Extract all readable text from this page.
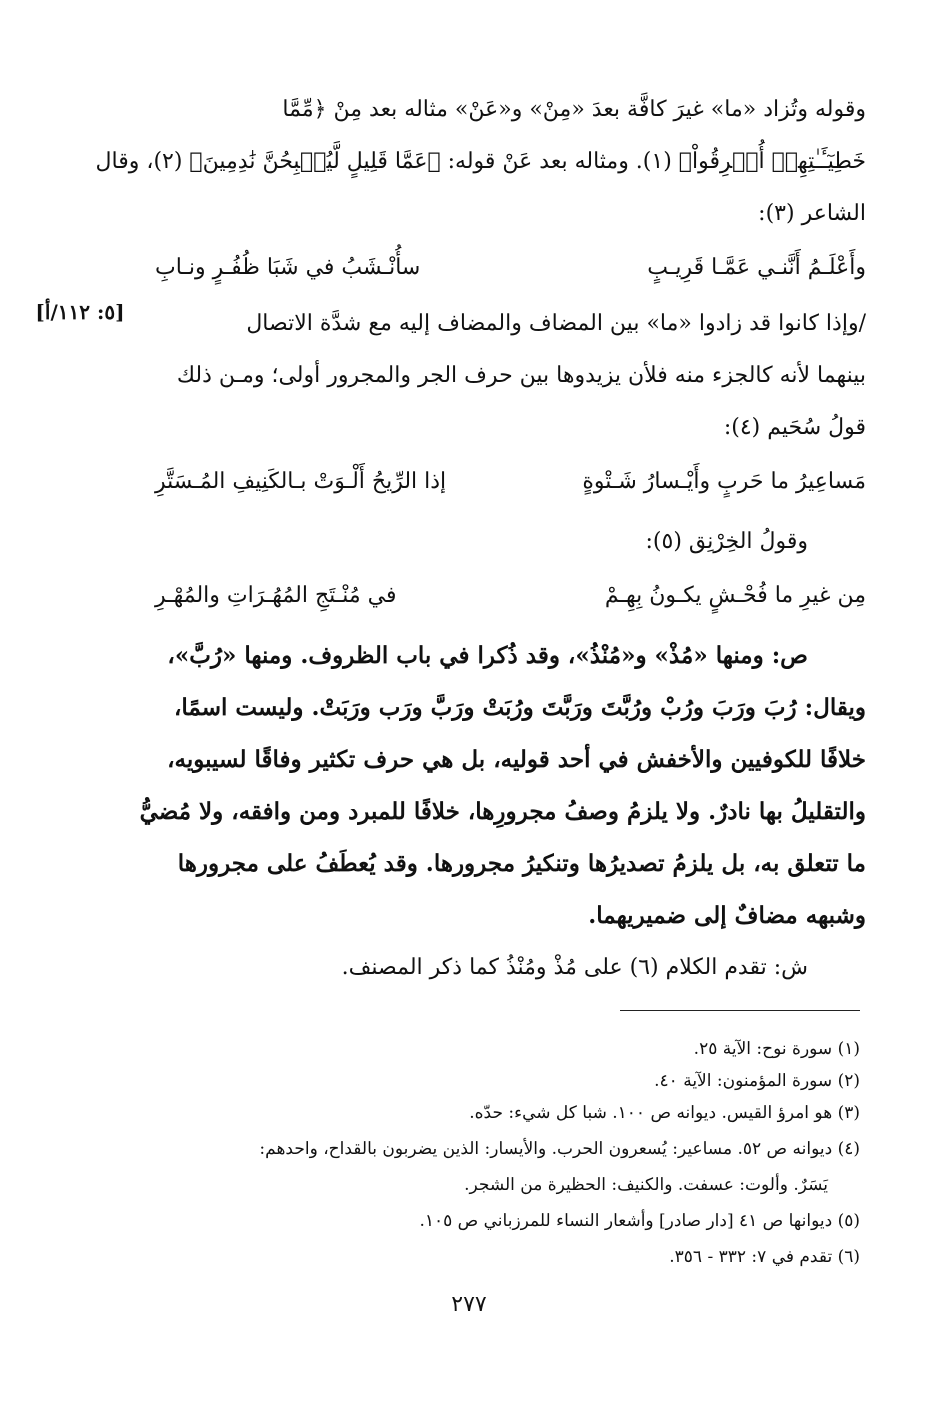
[٥: ١١٢/أ]
وقوله وتُزاد «ما» غيرَ كافَّة بعدَ «مِنْ» و«عَنْ» مثاله بعد مِنْ ﴿مِّمَّا
خَطِيٓـَٔـٰتِهِمۡ أُغۡرِقُواْ﴾ (١). ومثاله بعد عَنْ قوله: ﴿عَمَّا قَلِيلٍ لَّيُصۡبِحُنَّ نَٰدِمِينَ﴾ (٢)، وقال
الشاعر (٣):
وأَعْلَـمُ أَنَّنـي عَمَّـا قَرِيـبٍ
سأُنْـشَبُ في شَبَا ظُفُـرٍ ونـابِ
/وإذا كانوا قد زادوا «ما» بين المضاف والمضاف إليه مع شدَّة الاتصال
بينهما لأنه كالجزء منه فلأن يزيدوها بين حرف الجر والمجرور أولى؛ ومـن ذلك
قولُ سُحَيم (٤):
مَساعِيرُ ما حَربٍ وأَيْـسارُ شَـتْوةٍ
إذا الرِّيحُ أَلْـوَتْ بـالكَنِيفِ المُـسَتَّرِ
وقولُ الخِرْنِق (٥):
مِن غيرِ ما فُحْـشٍ يكـونُ بِهِـمْ
في مُنْـتَجِ المُهُـرَاتِ والمُهْـرِ
ص: ومنها «مُذْ» و«مُنْذُ»، وقد ذُكرا في باب الظروف. ومنها «رُبَّ»،
ويقال: رُبَ ورَبَ ورُبْ ورُبَّتَ ورَبَّتَ ورُبَتْ ورَبَّ ورَب ورَبَتْ. وليست اسمًا،
خلافًا للكوفيين والأخفش في أحد قوليه، بل هي حرف تكثير وفاقًا لسيبويه،
والتقليلُ بها نادرٌ. ولا يلزمُ وصفُ مجرورِها، خلافًا للمبرد ومن وافقه، ولا مُضيُّ
ما تتعلق به، بل يلزمُ تصديرُها وتنكيرُ مجرورها. وقد يُعطَفُ على مجرورها
وشبهه مضافٌ إلى ضميريهما.
ش: تقدم الكلام (٦) على مُذْ ومُنْذُ كما ذكر المصنف.
(١) سورة نوح: الآية ٢٥.
(٢) سورة المؤمنون: الآية ٤٠.
(٣) هو امرؤ القيس. ديوانه ص ١٠٠. شبا كل شيء: حدّه.
(٤) ديوانه ص ٥٢. مساعير: يُسعرون الحرب. والأيسار: الذين يضربون بالقداح، واحدهم:
يَسَرٌ. وألوت: عسفت. والكنيف: الحظيرة من الشجر.
(٥) ديوانها ص ٤١ [دار صادر] وأشعار النساء للمرزباني ص ١٠٥.
(٦) تقدم في ٧: ٣٣٢ - ٣٥٦.
٢٧٧
